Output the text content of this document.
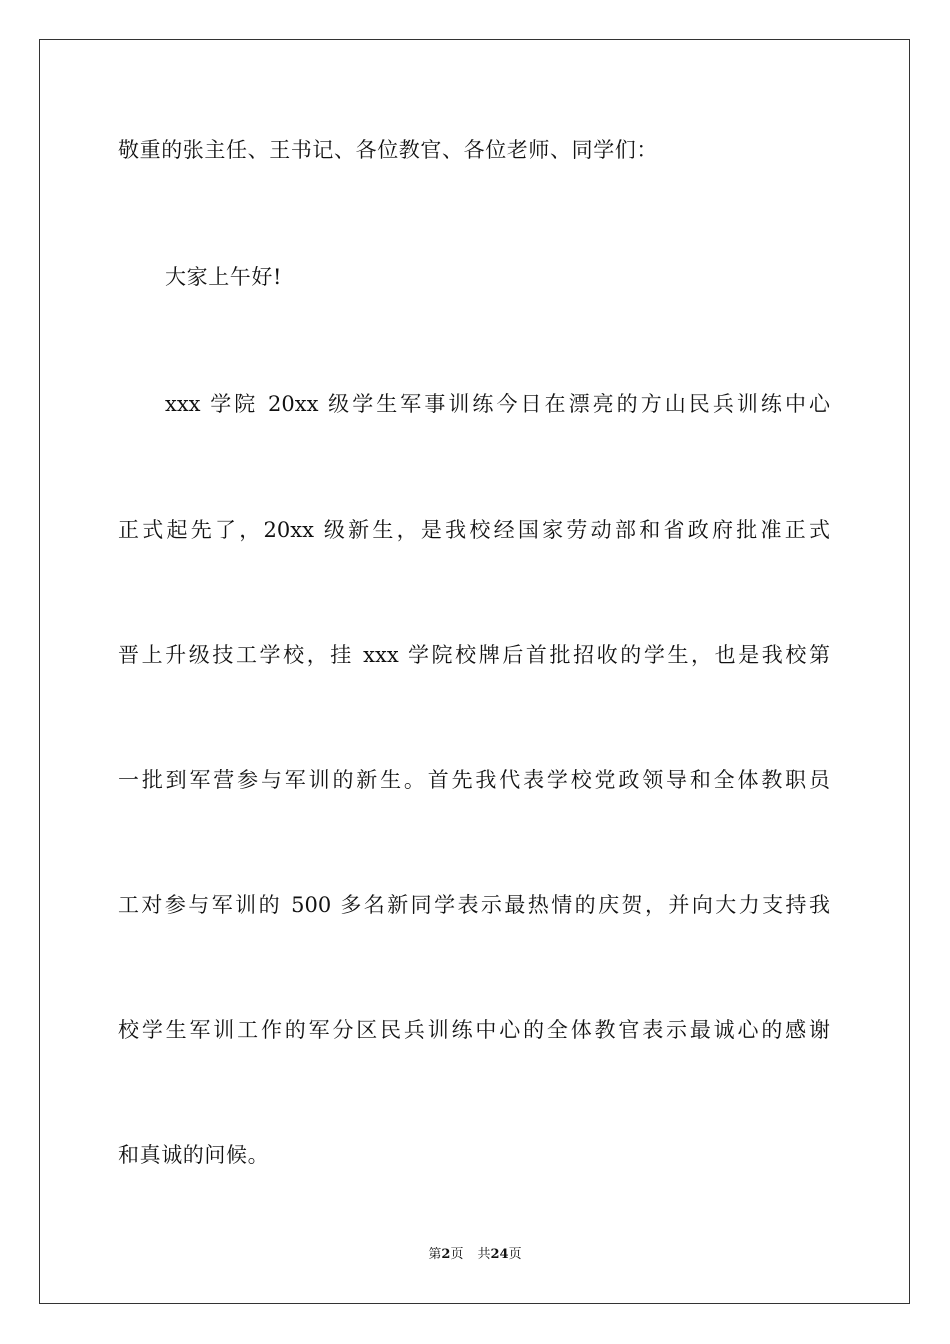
敬重的张主任、王书记、各位教官、各位老师、同学们：
大家上午好!
xxx 学院 20xx 级学生军事训练今日在漂亮的方山民兵训练中心
正式起先了，20xx 级新生，是我校经国家劳动部和省政府批准正式
晋上升级技工学校，挂 xxx 学院校牌后首批招收的学生，也是我校第
一批到军营参与军训的新生。首先我代表学校党政领导和全体教职员
工对参与军训的 500 多名新同学表示最热情的庆贺，并向大力支持我
校学生军训工作的军分区民兵训练中心的全体教官表示最诚心的感谢
和真诚的问候。
第2页 共24页
